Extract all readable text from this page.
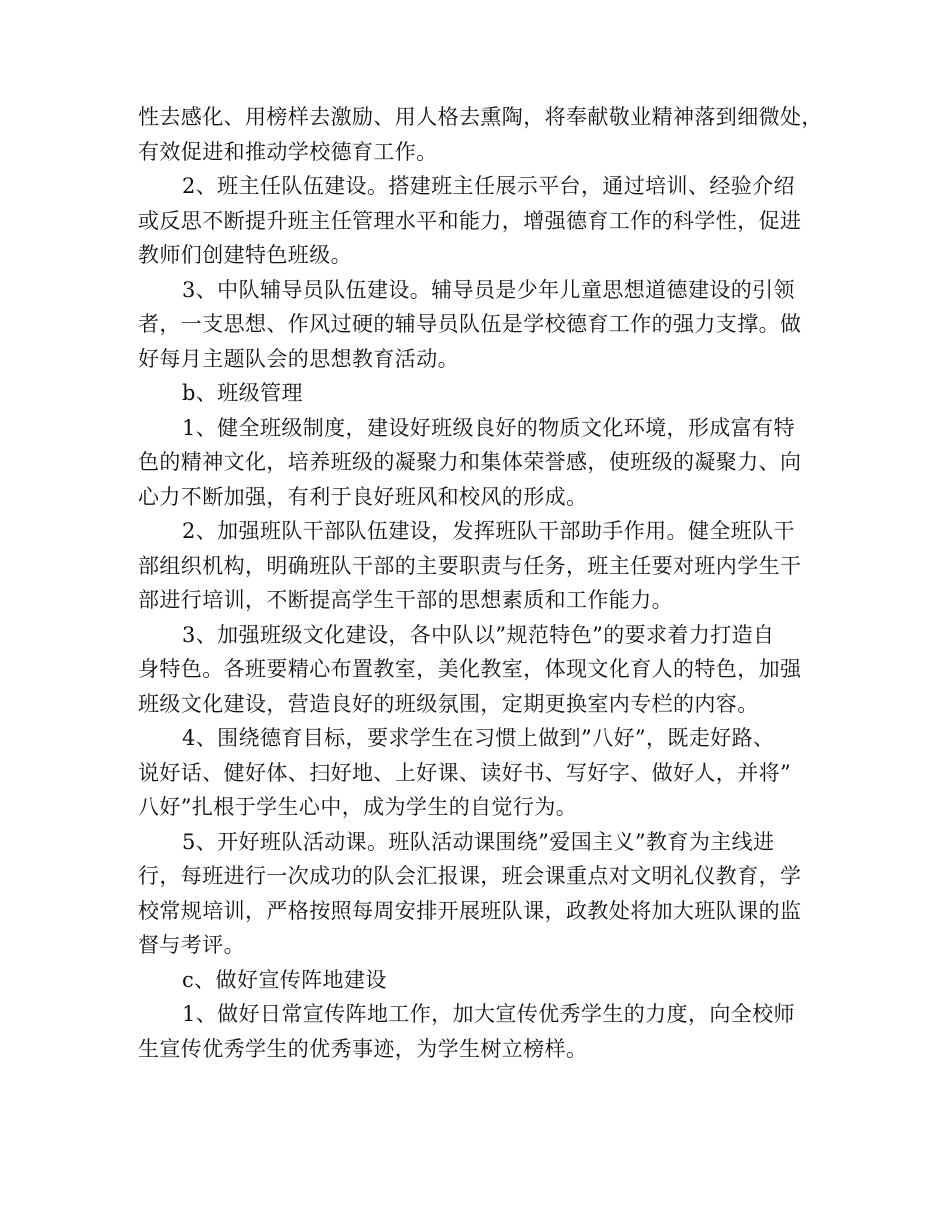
性去感化、用榜样去激励、用人格去熏陶，将奉献敬业精神落到细微处，
有效促进和推动学校德育工作。
2、班主任队伍建设。搭建班主任展示平台，通过培训、经验介绍
或反思不断提升班主任管理水平和能力，增强德育工作的科学性，促进
教师们创建特色班级。
3、中队辅导员队伍建设。辅导员是少年儿童思想道德建设的引领
者，一支思想、作风过硬的辅导员队伍是学校德育工作的强力支撑。做
好每月主题队会的思想教育活动。
b、班级管理
1、健全班级制度，建设好班级良好的物质文化环境，形成富有特
色的精神文化，培养班级的凝聚力和集体荣誉感，使班级的凝聚力、向
心力不断加强，有利于良好班风和校风的形成。
2、加强班队干部队伍建设，发挥班队干部助手作用。健全班队干
部组织机构，明确班队干部的主要职责与任务，班主任要对班内学生干
部进行培训，不断提高学生干部的思想素质和工作能力。
3、加强班级文化建设，各中队以”规范特色”的要求着力打造自
身特色。各班要精心布置教室，美化教室，体现文化育人的特色，加强
班级文化建设，营造良好的班级氛围，定期更换室内专栏的内容。
4、围绕德育目标，要求学生在习惯上做到”八好”，既走好路、
说好话、健好体、扫好地、上好课、读好书、写好字、做好人，并将”
八好”扎根于学生心中，成为学生的自觉行为。
5、开好班队活动课。班队活动课围绕”爱国主义”教育为主线进
行，每班进行一次成功的队会汇报课，班会课重点对文明礼仪教育，学
校常规培训，严格按照每周安排开展班队课，政教处将加大班队课的监
督与考评。
c、做好宣传阵地建设
1、做好日常宣传阵地工作，加大宣传优秀学生的力度，向全校师
生宣传优秀学生的优秀事迹，为学生树立榜样。
